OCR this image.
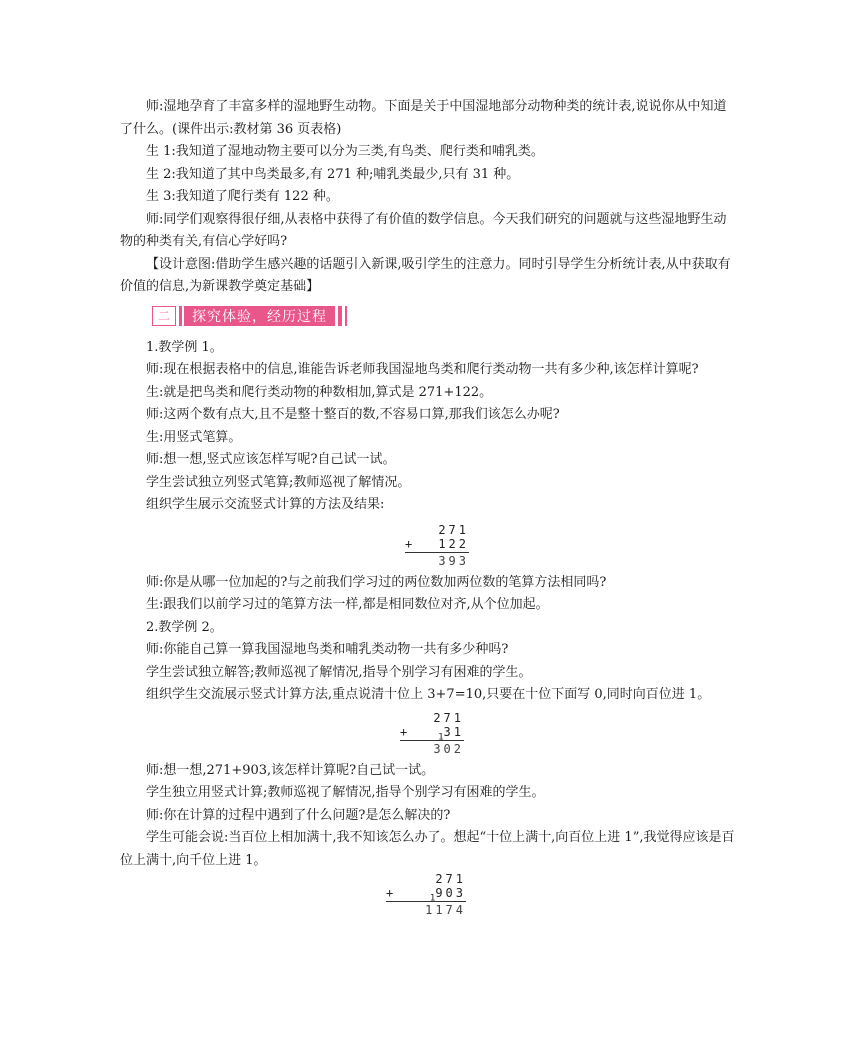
师:湿地孕育了丰富多样的湿地野生动物。下面是关于中国湿地部分动物种类的统计表,说说你从中知道了什么。(课件出示:教材第 36 页表格)
生 1:我知道了湿地动物主要可以分为三类,有鸟类、爬行类和哺乳类。
生 2:我知道了其中鸟类最多,有 271 种;哺乳类最少,只有 31 种。
生 3:我知道了爬行类有 122 种。
师:同学们观察得很仔细,从表格中获得了有价值的数学信息。今天我们研究的问题就与这些湿地野生动物的种类有关,有信心学好吗?
【设计意图:借助学生感兴趣的话题引入新课,吸引学生的注意力。同时引导学生分析统计表,从中获取有价值的信息,为新课教学奠定基础】
二	探究体验，经历过程
1.教学例 1。
师:现在根据表格中的信息,谁能告诉老师我国湿地鸟类和爬行类动物一共有多少种,该怎样计算呢?
生:就是把鸟类和爬行类动物的种数相加,算式是 271+122。
师:这两个数有点大,且不是整十整百的数,不容易口算,那我们该怎么办呢?
生:用竖式笔算。
师:想一想,竖式应该怎样写呢?自己试一试。
学生尝试独立列竖式笔算;教师巡视了解情况。
组织学生展示交流竖式计算的方法及结果:
271
+ 122
393
师:你是从哪一位加起的?与之前我们学习过的两位数加两位数的笔算方法相同吗?
生:跟我们以前学习过的笔算方法一样,都是相同数位对齐,从个位加起。
2.教学例 2。
师:你能自己算一算我国湿地鸟类和哺乳类动物一共有多少种吗?
学生尝试独立解答;教师巡视了解情况,指导个别学习有困难的学生。
组织学生交流展示竖式计算方法,重点说清十位上 3+7=10,只要在十位下面写 0,同时向百位进 1。
271
+	$_1$31
302
师:想一想,271+903,该怎样计算呢?自己试一试。
学生独立用竖式计算;教师巡视了解情况,指导个别学习有困难的学生。
师:你在计算的过程中遇到了什么问题?是怎么解决的?
学生可能会说:当百位上相加满十,我不知该怎么办了。想起“十位上满十,向百位上进 1”,我觉得应该是百位上满十,向千位上进 1。
271
+	$_1$903
1174
